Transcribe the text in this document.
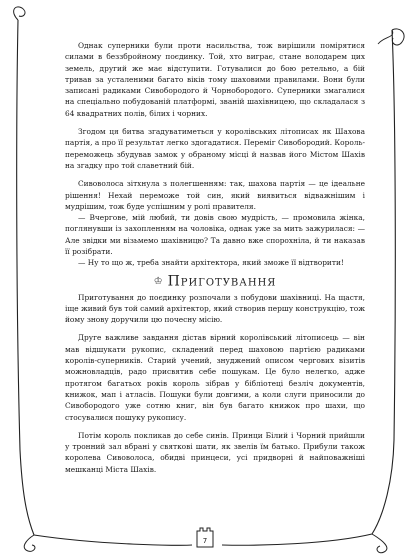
Однак суперники були проти насильства, тож вирішили помірятися силами в беззбройному поєдинку. Той, хто виграє, стане володарем цих земель, другий же має відступити. Готувалися до бою ретельно, а бій тривав за усталеними багато віків тому шаховими правилами. Вони були записані радиками Сивобородого й Чорнобородого. Суперники змагалися на спеціально побудованій платформі, званій шахівницею, що складалася з 64 квадратних полів, білих і чорних.

Згодом ця битва згадуватиметься у королівських літописах як Шахова партія, а про її результат легко здогадатися. Переміг Сивобородий. Король-переможець збудував замок у обраному місці й назвав його Містом Шахів на згадку про той славетний бій.

Сивоволоса зітхнула з полегшенням: так, шахова партія — це ідеальне рішення! Нехай переможе той син, який виявиться відважнішим і мудрішим, тож буде успішним у ролі правителя.

— Вчергове, мій любий, ти довів свою мудрість, — промовила жінка, поглянувши із захопленням на чоловіка, однак уже за мить зажурилася: — Але звідки ми візьмемо шахівницю? Та давно вже спорохніла, й ти наказав її розібрати.

— Ну то що ж, треба знайти архітектора, який зможе її відтворити!

♔ Приготування

Приготування до поєдинку розпочали з побудови шахівниці. На щастя, іще живий був той самий архітектор, який створив першу конструкцію, тож йому знову доручили цю почесну місію.

Друге важливе завдання дістав вірний королівський літописець — він мав відшукати рукопис, складений перед шаховою партією радиками королів-суперників. Старий учений, знуджений описом чергових візитів можновладців, радо присвятив себе пошукам. Це було нелегко, адже протягом багатьох років король зібрав у бібліотеці безліч документів, книжок, мап і атласів. Пошуки були довгими, а коли слуги приносили до Сивобородого уже сотню книг, він був багато книжок про шахи, що стосувалися пошуку рукопису.

Потім король покликав до себе синів. Принци Білий і Чорний прийшли у тронний зал вбрані у святкові шати, як звелів їм батько. Прибули також королева Сивоволоса, обидві принцеси, усі придворні й найповажніші мешканці Міста Шахів.

7
